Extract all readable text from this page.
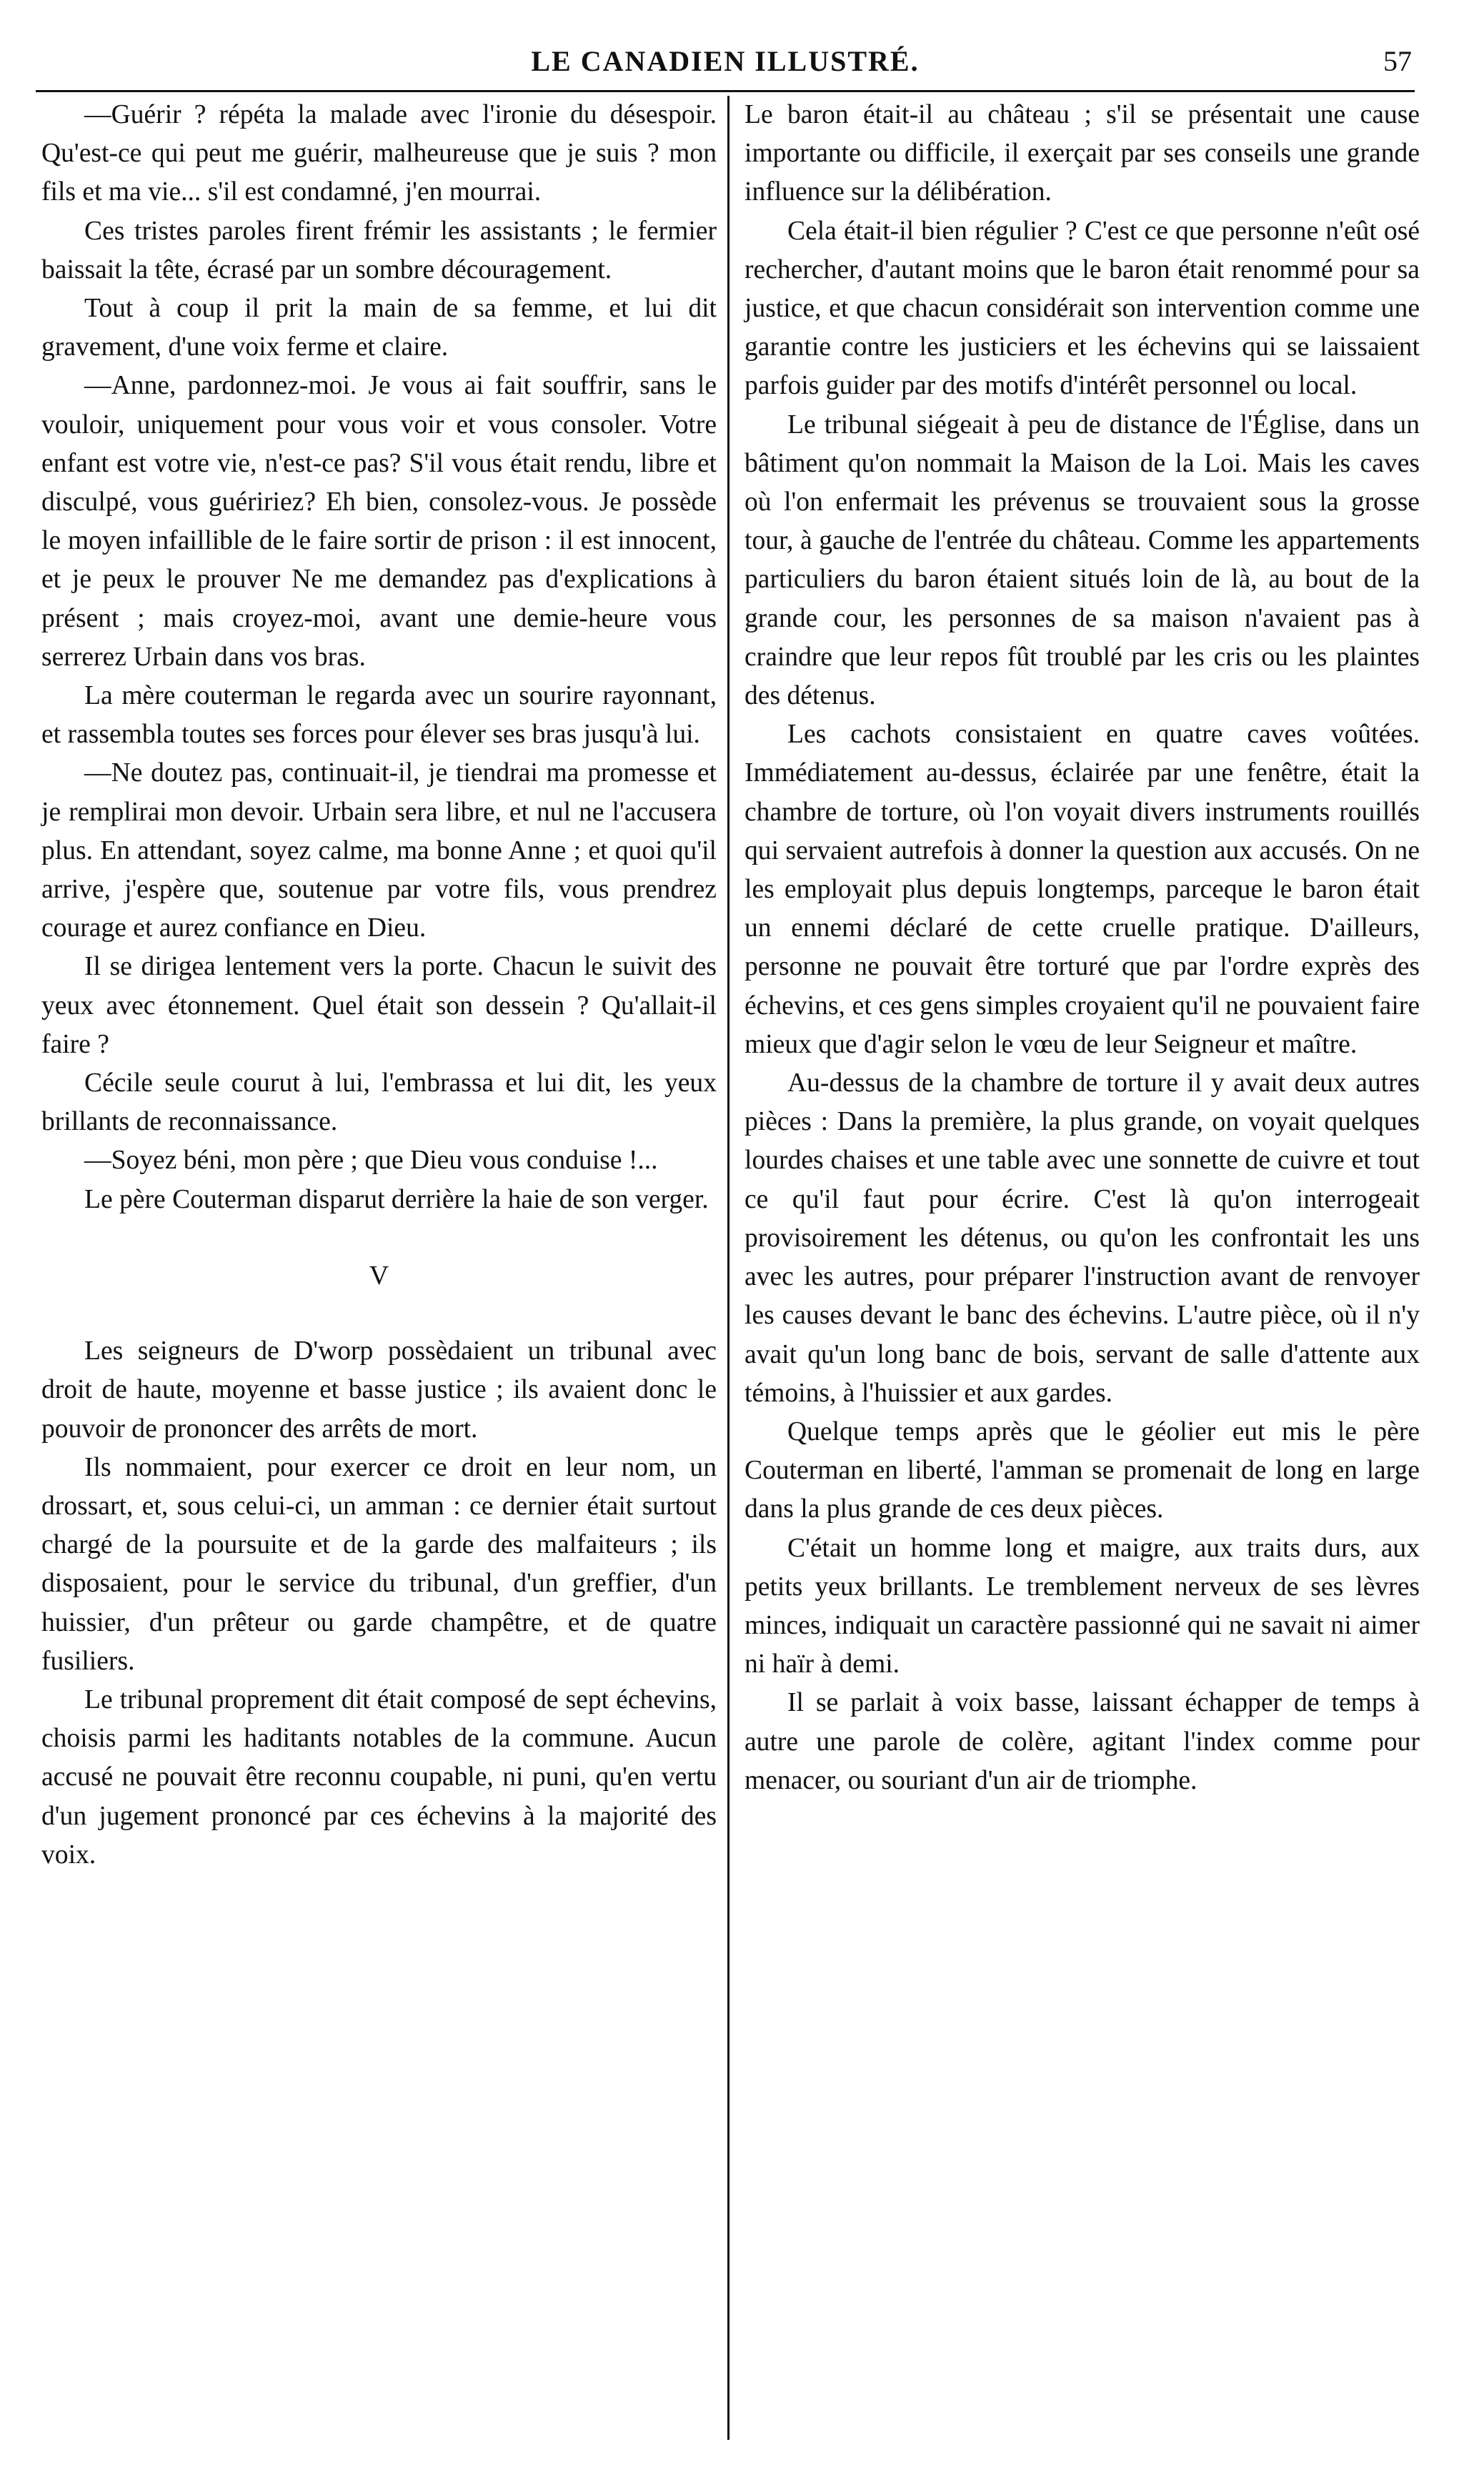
LE CANADIEN ILLUSTRÉ.	57

—Guérir ? répéta la malade avec l'ironie du désespoir. Qu'est-ce qui peut me guérir, malheureuse que je suis ? mon fils et ma vie... s'il est condamné, j'en mourrai.

Ces tristes paroles firent frémir les assistants ; le fermier baissait la tête, écrasé par un sombre découragement.

Tout à coup il prit la main de sa femme, et lui dit gravement, d'une voix ferme et claire.

—Anne, pardonnez-moi. Je vous ai fait souffrir, sans le vouloir, uniquement pour vous voir et vous consoler. Votre enfant est votre vie, n'est-ce pas? S'il vous était rendu, libre et disculpé, vous guéririez? Eh bien, consolez-vous. Je possède le moyen infaillible de le faire sortir de prison : il est innocent, et je peux le prouver Ne me demandez pas d'explications à présent ; mais croyez-moi, avant une demie-heure vous serrerez Urbain dans vos bras.

La mère couterman le regarda avec un sourire rayonnant, et rassembla toutes ses forces pour élever ses bras jusqu'à lui.

—Ne doutez pas, continuait-il, je tiendrai ma promesse et je remplirai mon devoir. Urbain sera libre, et nul ne l'accusera plus. En attendant, soyez calme, ma bonne Anne ; et quoi qu'il arrive, j'espère que, soutenue par votre fils, vous prendrez courage et aurez confiance en Dieu.

Il se dirigea lentement vers la porte. Chacun le suivit des yeux avec étonnement. Quel était son dessein ? Qu'allait-il faire ?

Cécile seule courut à lui, l'embrassa et lui dit, les yeux brillants de reconnaissance.

—Soyez béni, mon père ; que Dieu vous conduise !...

Le père Couterman disparut derrière la haie de son verger.

V

Les seigneurs de D'worp possèdaient un tribunal avec droit de haute, moyenne et basse justice ; ils avaient donc le pouvoir de prononcer des arrêts de mort.

Ils nommaient, pour exercer ce droit en leur nom, un drossart, et, sous celui-ci, un amman : ce dernier était surtout chargé de la poursuite et de la garde des malfaiteurs ; ils disposaient, pour le service du tribunal, d'un greffier, d'un huissier, d'un prêteur ou garde champêtre, et de quatre fusiliers.

Le tribunal proprement dit était composé de sept échevins, choisis parmi les haditants notables de la commune. Aucun accusé ne pouvait être reconnu coupable, ni puni, qu'en vertu d'un jugement prononcé par ces échevins à la majorité des voix.

Le baron était-il au château ; s'il se présentait une cause importante ou difficile, il exerçait par ses conseils une grande influence sur la délibération.

Cela était-il bien régulier ? C'est ce que personne n'eût osé rechercher, d'autant moins que le baron était renommé pour sa justice, et que chacun considérait son intervention comme une garantie contre les justiciers et les échevins qui se laissaient parfois guider par des motifs d'intérêt personnel ou local.

Le tribunal siégeait à peu de distance de l'Église, dans un bâtiment qu'on nommait la Maison de la Loi. Mais les caves où l'on enfermait les prévenus se trouvaient sous la grosse tour, à gauche de l'entrée du château. Comme les appartements particuliers du baron étaient situés loin de là, au bout de la grande cour, les personnes de sa maison n'avaient pas à craindre que leur repos fût troublé par les cris ou les plaintes des détenus.

Les cachots consistaient en quatre caves voûtées. Immédiatement au-dessus, éclairée par une fenêtre, était la chambre de torture, où l'on voyait divers instruments rouillés qui servaient autrefois à donner la question aux accusés. On ne les employait plus depuis longtemps, parceque le baron était un ennemi déclaré de cette cruelle pratique. D'ailleurs, personne ne pouvait être torturé que par l'ordre exprès des échevins, et ces gens simples croyaient qu'il ne pouvaient faire mieux que d'agir selon le vœu de leur Seigneur et maître.

Au-dessus de la chambre de torture il y avait deux autres pièces : Dans la première, la plus grande, on voyait quelques lourdes chaises et une table avec une sonnette de cuivre et tout ce qu'il faut pour écrire. C'est là qu'on interrogeait provisoirement les détenus, ou qu'on les confrontait les uns avec les autres, pour préparer l'instruction avant de renvoyer les causes devant le banc des échevins. L'autre pièce, où il n'y avait qu'un long banc de bois, servant de salle d'attente aux témoins, à l'huissier et aux gardes.

Quelque temps après que le géolier eut mis le père Couterman en liberté, l'amman se promenait de long en large dans la plus grande de ces deux pièces.

C'était un homme long et maigre, aux traits durs, aux petits yeux brillants. Le tremblement nerveux de ses lèvres minces, indiquait un caractère passionné qui ne savait ni aimer ni haïr à demi.

Il se parlait à voix basse, laissant échapper de temps à autre une parole de colère, agitant l'index comme pour menacer, ou souriant d'un air de triomphe.
